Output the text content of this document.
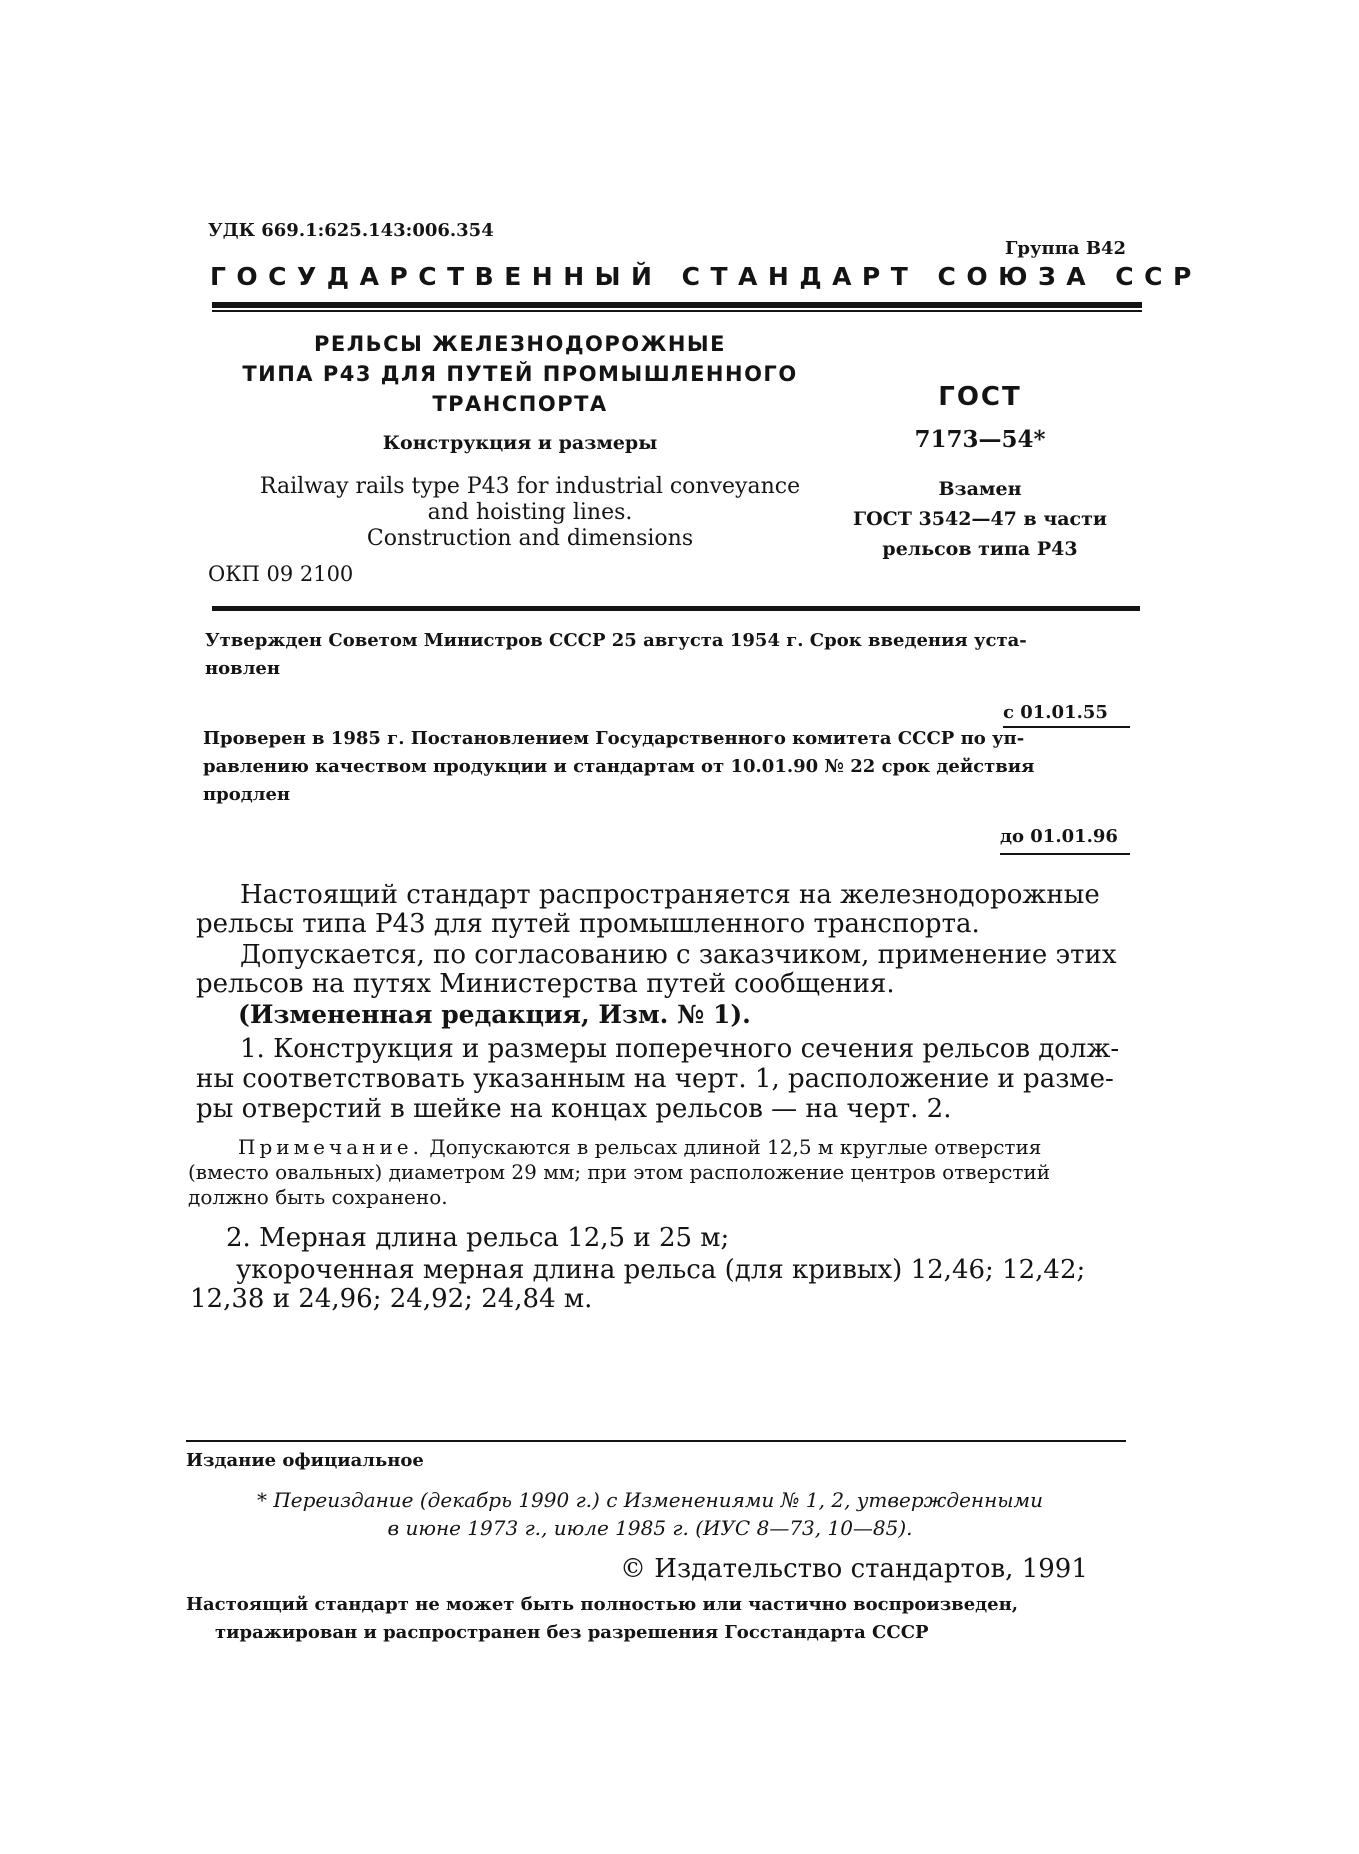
УДК 669.1:625.143:006.354
Группа В42
ГОСУДАРСТВЕННЫЙ СТАНДАРТ СОЮЗА ССР
РЕЛЬСЫ ЖЕЛЕЗНОДОРОЖНЫЕ
ТИПА Р43 ДЛЯ ПУТЕЙ ПРОМЫШЛЕННОГО
ТРАНСПОРТА
Конструкция и размеры
Railway rails type P43 for industrial conveyance
and hoisting lines.
Construction and dimensions
ОКП 09 2100
ГОСТ
7173—54*
Взамен
ГОСТ 3542—47 в части
рельсов типа Р43
Утвержден Советом Министров СССР 25 августа 1954 г. Срок введения уста-
новлен
с 01.01.55
Проверен в 1985 г. Постановлением Государственного комитета СССР по уп-
равлению качеством продукции и стандартам от 10.01.90 № 22 срок действия
продлен
до 01.01.96
Настоящий стандарт распространяется на железнодорожные
рельсы типа Р43 для путей промышленного транспорта.
Допускается, по согласованию с заказчиком, применение этих
рельсов на путях Министерства путей сообщения.
(Измененная редакция, Изм. № 1).
1. Конструкция и размеры поперечного сечения рельсов долж-
ны соответствовать указанным на черт. 1, расположение и разме-
ры отверстий в шейке на концах рельсов — на черт. 2.
Примечание. Допускаются в рельсах длиной 12,5 м круглые отверстия
(вместо овальных) диаметром 29 мм; при этом расположение центров отверстий
должно быть сохранено.
2. Мерная длина рельса 12,5 и 25 м;
укороченная мерная длина рельса (для кривых) 12,46; 12,42;
12,38 и 24,96; 24,92; 24,84 м.
Издание официальное
* Переиздание (декабрь 1990 г.) с Изменениями № 1, 2, утвержденными
в июне 1973 г., июле 1985 г. (ИУС 8—73, 10—85).
© Издательство стандартов, 1991
Настоящий стандарт не может быть полностью или частично воспроизведен,
тиражирован и распространен без разрешения Госстандарта СССР
